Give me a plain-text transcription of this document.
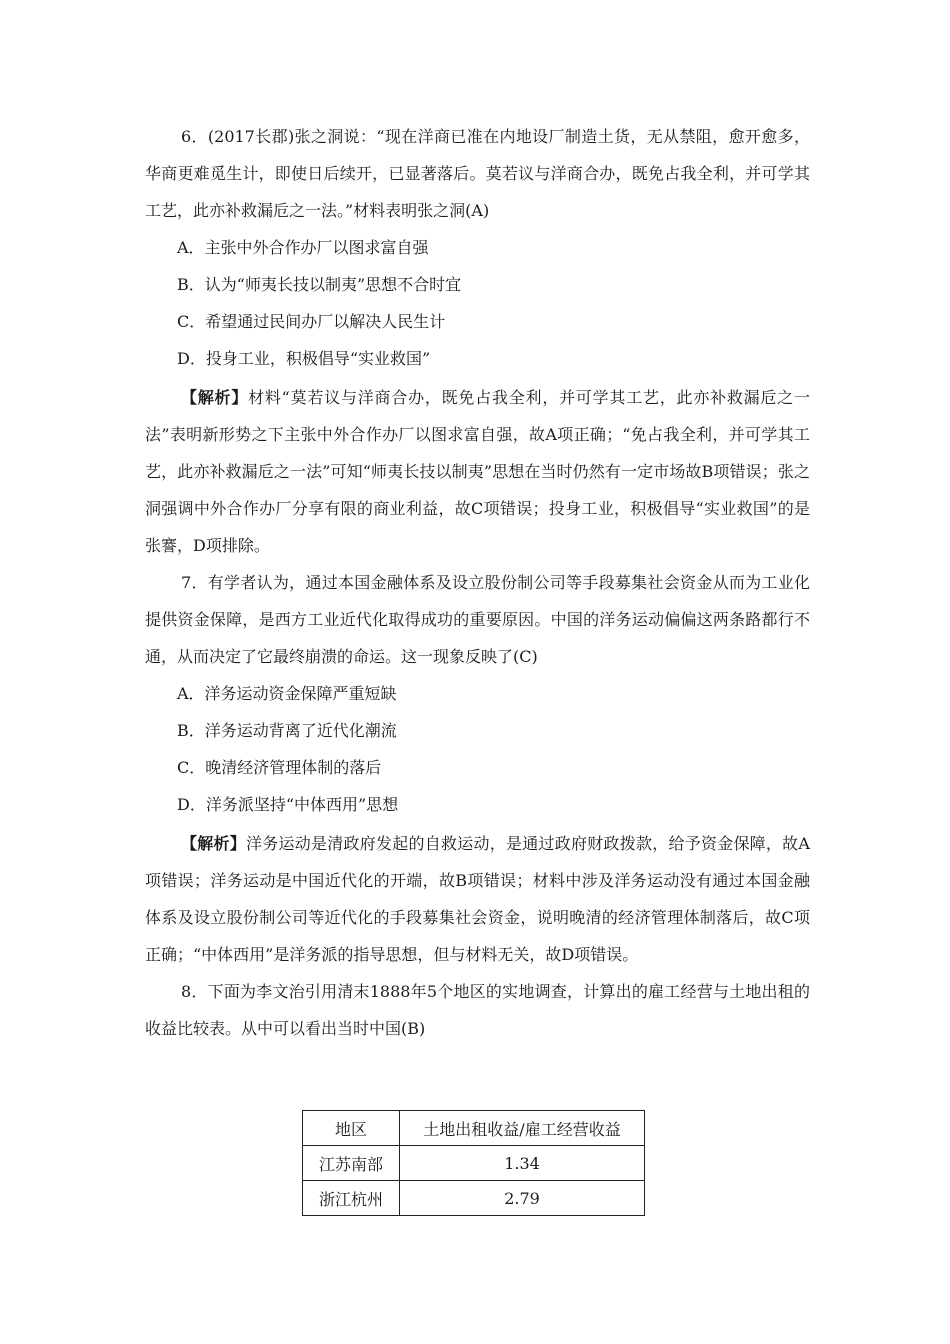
6．(2017长郡)张之洞说：“现在洋商已准在内地设厂制造土货，无从禁阻，愈开愈多，华商更难觅生计，即使日后续开，已显著落后。莫若议与洋商合办，既免占我全利，并可学其工艺，此亦补救漏卮之一法。”材料表明张之洞(A)

A．主张中外合作办厂以图求富自强

B．认为“师夷长技以制夷”思想不合时宜

C．希望通过民间办厂以解决人民生计

D．投身工业，积极倡导“实业救国”

【解析】材料“莫若议与洋商合办，既免占我全利，并可学其工艺，此亦补救漏卮之一法”表明新形势之下主张中外合作办厂以图求富自强，故A项正确；“免占我全利，并可学其工艺，此亦补救漏卮之一法”可知“师夷长技以制夷”思想在当时仍然有一定市场故B项错误；张之洞强调中外合作办厂分享有限的商业利益，故C项错误；投身工业，积极倡导“实业救国”的是张謇，D项排除。

7．有学者认为，通过本国金融体系及设立股份制公司等手段募集社会资金从而为工业化提供资金保障，是西方工业近代化取得成功的重要原因。中国的洋务运动偏偏这两条路都行不通，从而决定了它最终崩溃的命运。这一现象反映了(C)

A．洋务运动资金保障严重短缺

B．洋务运动背离了近代化潮流

C．晚清经济管理体制的落后

D．洋务派坚持“中体西用”思想

【解析】洋务运动是清政府发起的自救运动，是通过政府财政拨款，给予资金保障，故A项错误；洋务运动是中国近代化的开端，故B项错误；材料中涉及洋务运动没有通过本国金融体系及设立股份制公司等近代化的手段募集社会资金，说明晚清的经济管理体制落后，故C项正确；“中体西用”是洋务派的指导思想，但与材料无关，故D项错误。

8．下面为李文治引用清末1888年5个地区的实地调查，计算出的雇工经营与土地出租的收益比较表。从中可以看出当时中国(B)

地区	土地出租收益/雇工经营收益
江苏南部	1.34
浙江杭州	2.79
